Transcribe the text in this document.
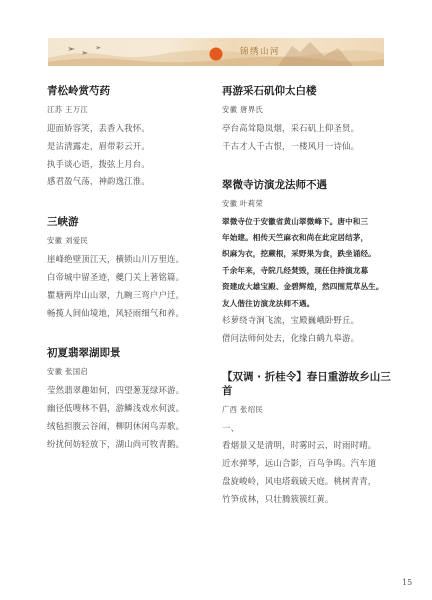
锦绣山河
青松岭赏芍药
江苏 王万江
迎面娇容笑，丢香入我怀。
是沾清露走，眉带彩云开。
执手谈心语，拨弦上月台。
感君盈气荡，神韵逸江淮。
三峡游
安徽 刘爱民
崖峰绝壁顶江天，横锁山川万里连。
白帝城中留圣迹，夔门关上著铭篇。
瞿塘两岸山山翠，九畹三弯户户迁。
畅揽人间仙境地，风轻雨细气和养。
初夏翡翠湖即景
安徽 张国启
莹然翡翠趣如何，四望葱茏绿环游。
幽径低嗖林不倡，游鳞浅戏水何波。
绒毡担腹云谷闹，柳阴休闲鸟弄歌。
纷扰何妨轻放下，湖山尚可牧青鹅。
再游采石矶仰太白楼
安徽 唐界氏
亭台高耸隐岚烟，采石矶上仰圣贤。
千古才人千古恨，一楼风月一诗仙。
翠微寺访演龙法师不遇
安徽 叶莉荣
翠微寺位于安徽省黄山翠微峰下。唐中和三
年始建。相传天竺麻衣和尚在此定居结茅，
织麻为衣，挖蕨根，采野果为食，跌坐诵经。
千余年来，寺院几经焚毁，现任住持演龙募
资建成大雄宝殿、金碧辉煌，然四围荒草丛生。
友人偕往访演龙法师不遇。
杉萝绕寺涧飞流，宝殿巍峨卧野丘。
借问法师何处去，化缘白鹤九皋游。
【双调 · 折桂令】春日重游故乡山三
首
广西 张绍民
一、
看烟景又是清明，时雾时云，时雨时晴。
近水弹琴，远山合影，百鸟争鸣。汽车道
盘旋峻岭，风电塔载破天庭。桃树青青，
竹笋成林，只壮腾簇簇红黄。
15
